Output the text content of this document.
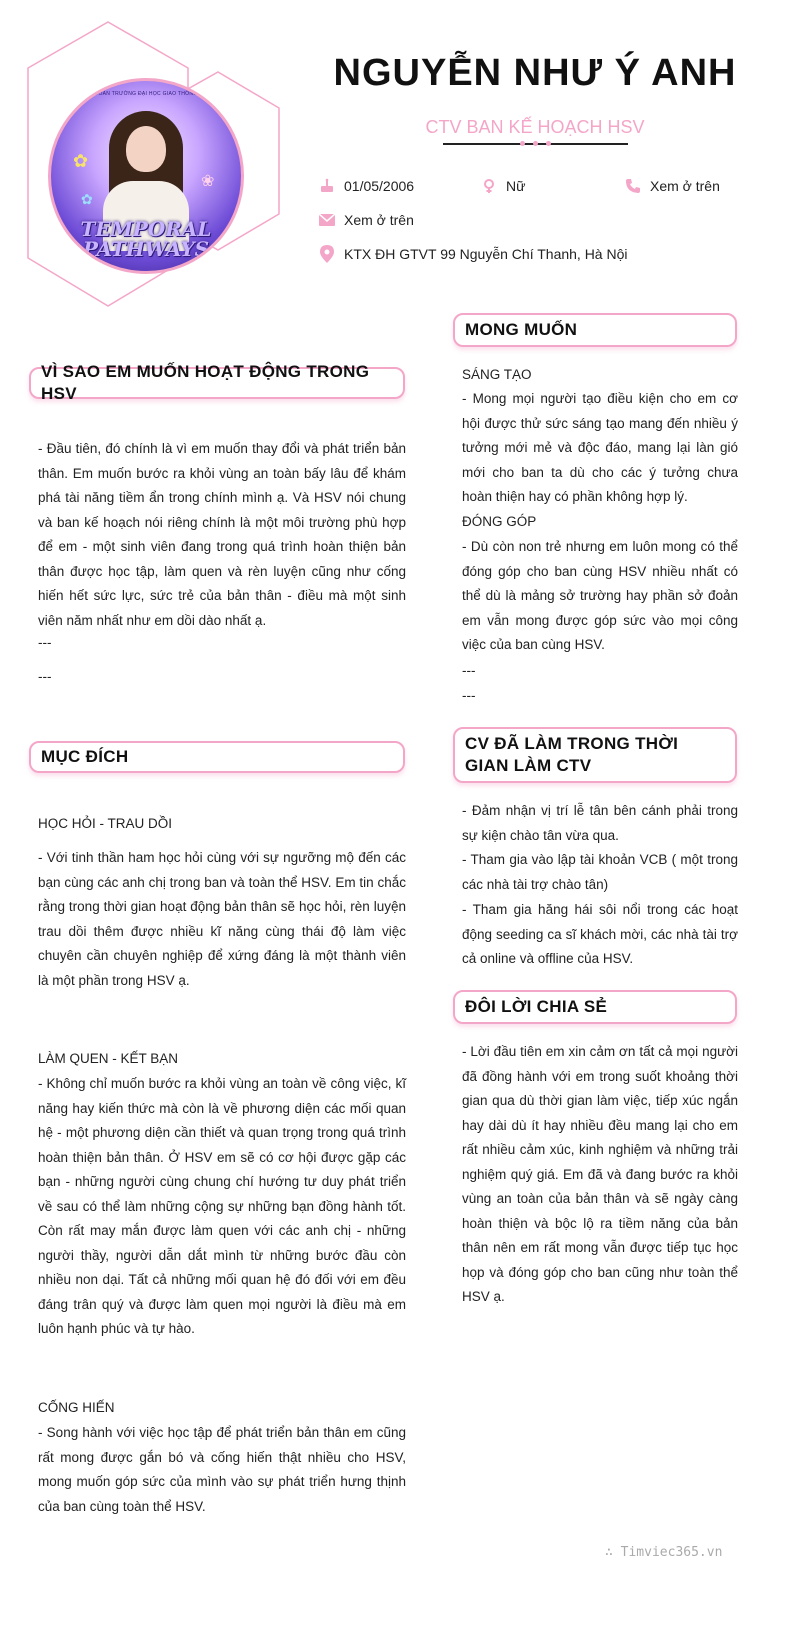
ĐOÀN TRƯỜNG ĐẠI HỌC GIAO THÔNG
✿
❀
✿
TEMPORAL PATHWAYS
NGUYỄN NHƯ Ý ANH
CTV BAN KẾ HOẠCH HSV
01/05/2006	Nữ	Xem ở trên
Xem ở trên
KTX ĐH GTVT 99 Nguyễn Chí Thanh, Hà Nội
VÌ SAO EM MUỐN HOẠT ĐỘNG TRONG HSV

- Đầu tiên, đó chính là vì em muốn thay đổi và phát triển bản thân. Em muốn bước ra khỏi vùng an toàn bấy lâu để khám phá tài năng tiềm ẩn trong chính mình ạ. Và HSV nói chung và ban kế hoạch nói riêng chính là một môi trường phù hợp để em - một sinh viên đang trong quá trình hoàn thiện bản thân được học tập, làm quen và rèn luyện cũng như cống hiến hết sức lực, sức trẻ của bản thân - điều mà một sinh viên năm nhất như em dồi dào nhất ạ.

---
---
MỤC ĐÍCH
HỌC HỎI - TRAU DỒI

- Với tinh thần ham học hỏi cùng với sự ngưỡng mộ đến các bạn cùng các anh chị trong ban và toàn thể HSV. Em tin chắc rằng trong thời gian hoạt động bản thân sẽ học hỏi, rèn luyện trau dồi thêm được nhiều kĩ năng cùng thái độ làm việc chuyên cần chuyên nghiệp để xứng đáng là một thành viên là một phần trong HSV ạ.

LÀM QUEN - KẾT BẠN

- Không chỉ muốn bước ra khỏi vùng an toàn về công việc, kĩ năng hay kiến thức mà còn là về phương diện các mối quan hệ - một phương diện cần thiết và quan trọng trong quá trình hoàn thiện bản thân. Ở HSV em sẽ có cơ hội được gặp các bạn - những người cùng chung chí hướng tư duy phát triển về sau có thể làm những cộng sự những bạn đồng hành tốt. Còn rất may mắn được làm quen với các anh chị - những người thầy, người dẫn dắt mình từ những bước đầu còn nhiều non dại. Tất cả những mối quan hệ đó đối với em đều đáng trân quý và được làm quen mọi người là điều mà em luôn hạnh phúc và tự hào.

CỐNG HIẾN

- Song hành với việc học tập để phát triển bản thân em cũng rất mong được gắn bó và cống hiến thật nhiều cho HSV, mong muốn góp sức của mình vào sự phát triển hưng thịnh của ban cùng toàn thể HSV.

MONG MUỐN
SÁNG TẠO

- Mong mọi người tạo điều kiện cho em cơ hội được thử sức sáng tạo mang đến nhiều ý tưởng mới mẻ và độc đáo, mang lại làn gió mới cho ban ta dù cho các ý tưởng chưa hoàn thiện hay có phần không hợp lý.

ĐÓNG GÓP

- Dù còn non trẻ nhưng em luôn mong có thể đóng góp cho ban cùng HSV nhiều nhất có thể dù là mảng sở trường hay phần sở đoản em vẫn mong được góp sức vào mọi công việc của ban cùng HSV.

---
---
CV ĐÃ LÀM TRONG THỜI GIAN LÀM CTV

- Đảm nhận vị trí lễ tân bên cánh phải trong sự kiện chào tân vừa qua.

- Tham gia vào lập tài khoản VCB ( một trong các nhà tài trợ chào tân)

- Tham gia hăng hái sôi nổi trong các hoạt động seeding ca sĩ khách mời, các nhà tài trợ cả online và offline của HSV.

ĐÔI LỜI CHIA SẺ

- Lời đầu tiên em xin cảm ơn tất cả mọi người đã đồng hành với em trong suốt khoảng thời gian qua dù thời gian làm việc, tiếp xúc ngắn hay dài dù ít hay nhiều đều mang lại cho em rất nhiều cảm xúc, kinh nghiệm và những trải nghiệm quý giá. Em đã và đang bước ra khỏi vùng an toàn của bản thân và sẽ ngày càng hoàn thiện và bộc lộ ra tiềm năng của bản thân nên em rất mong vẫn được tiếp tục học họp và đóng góp cho ban cũng như toàn thể HSV ạ.

∴ Timviec365.vn
